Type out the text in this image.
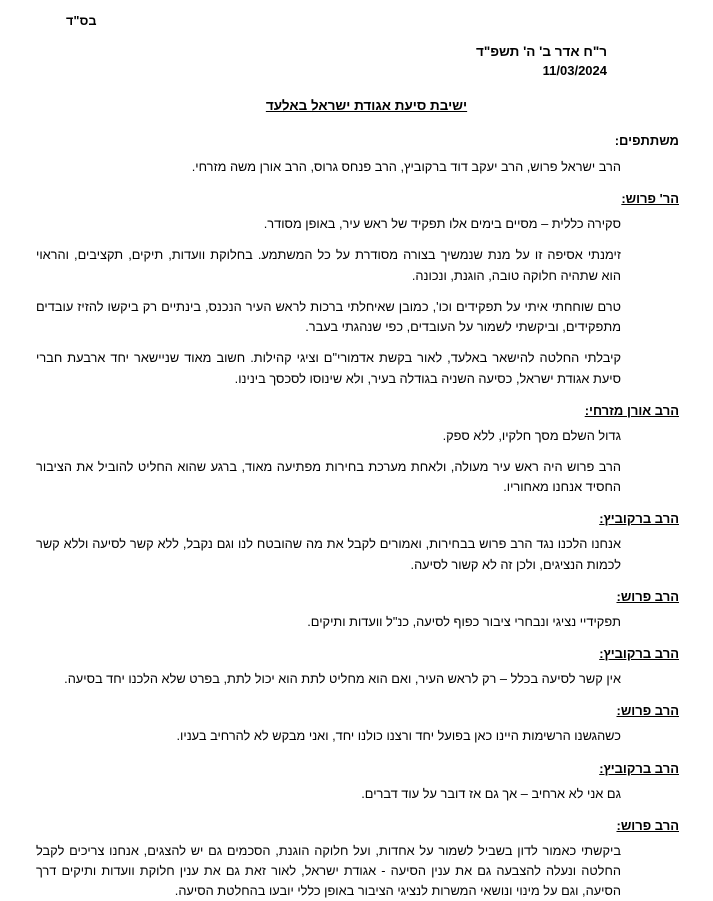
בס"ד
ר"ח אדר ב' ה' תשפ"ד
11/03/2024
ישיבת סיעת אגודת ישראל באלעד
משתתפים:
הרב ישראל פרוש, הרב יעקב דוד ברקוביץ, הרב פנחס גרוס, הרב אורן משה מזרחי.
הר' פרוש:
סקירה כללית – מסיים בימים אלו תפקיד של ראש עיר, באופן מסודר.
זימנתי אסיפה זו על מנת שנמשיך בצורה מסודרת על כל המשתמע. בחלוקת וועדות, תיקים, תקציבים, והראוי הוא שתהיה חלוקה טובה, הוגנת, ונכונה.
טרם שוחחתי איתי על תפקידים וכו', כמובן שאיחלתי ברכות לראש העיר הנכנס, בינתיים רק ביקשו להזיז עובדים מתפקידים, וביקשתי לשמור על העובדים, כפי שנהגתי בעבר.
קיבלתי החלטה להישאר באלעד, לאור בקשת אדמורי"ם וציגי קהילות. חשוב מאוד שניישאר יחד ארבעת חברי סיעת אגודת ישראל, כסיעה השניה בגודלה בעיר, ולא שינוסו לסכסך בינינו.
הרב אורן מזרחי:
גדול השלם מסך חלקיו, ללא ספק.
הרב פרוש היה ראש עיר מעולה, ולאחת מערכת בחירות מפתיעה מאוד, ברגע שהוא החליט להוביל את הציבור החסיד אנחנו מאחוריו.
הרב ברקוביץ:
אנחנו הלכנו נגד הרב פרוש בבחירות, ואמורים לקבל את מה שהובטח לנו וגם נקבל, ללא קשר לסיעה וללא קשר לכמות הנציגים, ולכן זה לא קשור לסיעה.
הרב פרוש:
תפקידיי נציגי ונבחרי ציבור כפוף לסיעה, כנ"ל וועדות ותיקים.
הרב ברקוביץ:
אין קשר לסיעה בכלל – רק לראש העיר, ואם הוא מחליט לתת הוא יכול לתת, בפרט שלא הלכנו יחד בסיעה.
הרב פרוש:
כשהגשנו הרשימות היינו כאן בפועל יחד ורצנו כולנו יחד, ואני מבקש לא להרחיב בעניו.
הרב ברקוביץ:
גם אני לא ארחיב – אך גם אז דובר על עוד דברים.
הרב פרוש:
ביקשתי כאמור לדון בשביל לשמור על אחדות, ועל חלוקה הוגנת, הסכמים גם יש להצגים, אנחנו צריכים לקבל החלטה ונעלה להצבעה גם את ענין הסיעה - אגודת ישראל, לאור זאת גם את ענין חלוקת וועדות ותיקים דרך הסיעה, וגם על מינוי ונושאי המשרות לנציגי הציבור באופן כללי יובעו בהחלטת הסיעה.
